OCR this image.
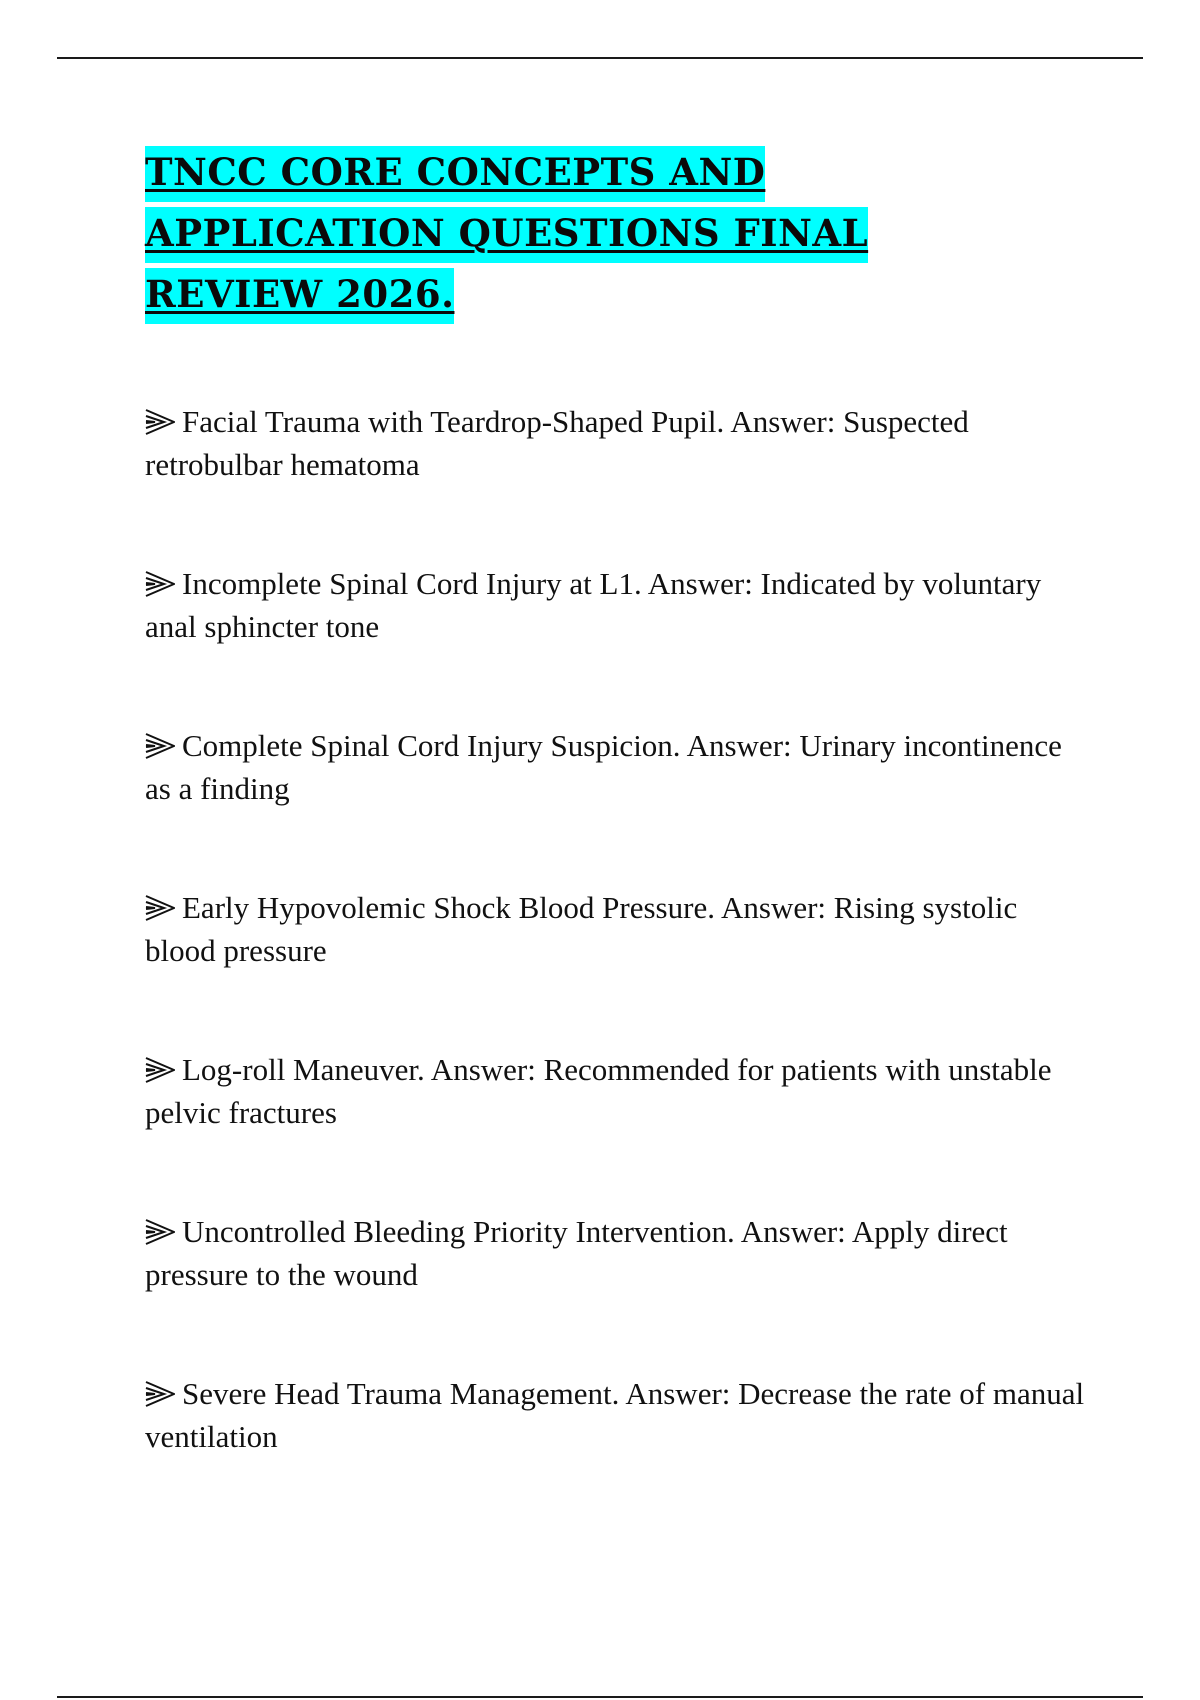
TNCC CORE CONCEPTS AND APPLICATION QUESTIONS FINAL REVIEW 2026.
Facial Trauma with Teardrop-Shaped Pupil. Answer: Suspected retrobulbar hematoma
Incomplete Spinal Cord Injury at L1. Answer: Indicated by voluntary anal sphincter tone
Complete Spinal Cord Injury Suspicion. Answer: Urinary incontinence as a finding
Early Hypovolemic Shock Blood Pressure. Answer: Rising systolic blood pressure
Log-roll Maneuver. Answer: Recommended for patients with unstable pelvic fractures
Uncontrolled Bleeding Priority Intervention. Answer: Apply direct pressure to the wound
Severe Head Trauma Management. Answer: Decrease the rate of manual ventilation
